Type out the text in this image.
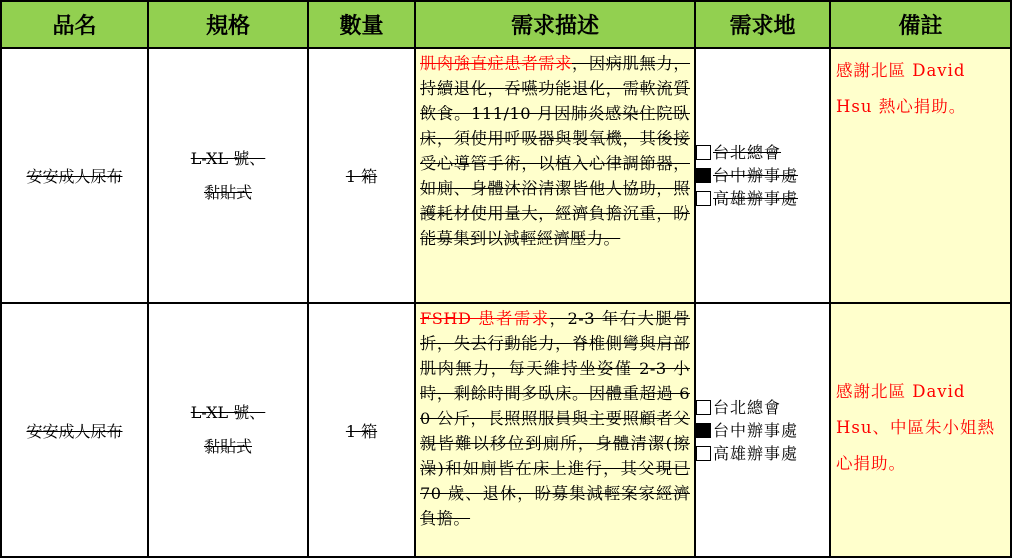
品名	規格	數量	需求描述	需求地	備註
安安成人尿布	L-XL 號、黏貼式	1 箱	肌肉強直症患者需求，因病肌無力，持續退化，吞嚥功能退化，需軟流質飲食。111/10 月因肺炎感染住院臥床，須使用呼吸器與製氧機，其後接受心導管手術，以植入心律調節器，如廁、身體沐浴清潔皆他人協助，照護耗材使用量大，經濟負擔沉重，盼能募集到以減輕經濟壓力。	台北總會
台中辦事處
高雄辦事處	感謝北區 David Hsu 熱心捐助。

安安成人尿布	L-XL 號、黏貼式	1 箱	FSHD 患者需求，2-3 年右大腿骨折，失去行動能力，脊椎側彎與肩部肌肉無力，每天維持坐姿僅 2-3 小時，剩餘時間多臥床。因體重超過 60 公斤，長照照服員與主要照顧者父親皆難以移位到廁所，身體清潔(擦澡)和如廁皆在床上進行，其父現已 70 歲、退休，盼募集減輕案家經濟負擔。	台北總會
台中辦事處
高雄辦事處	感謝北區 David Hsu、中區朱小姐熱心捐助。
